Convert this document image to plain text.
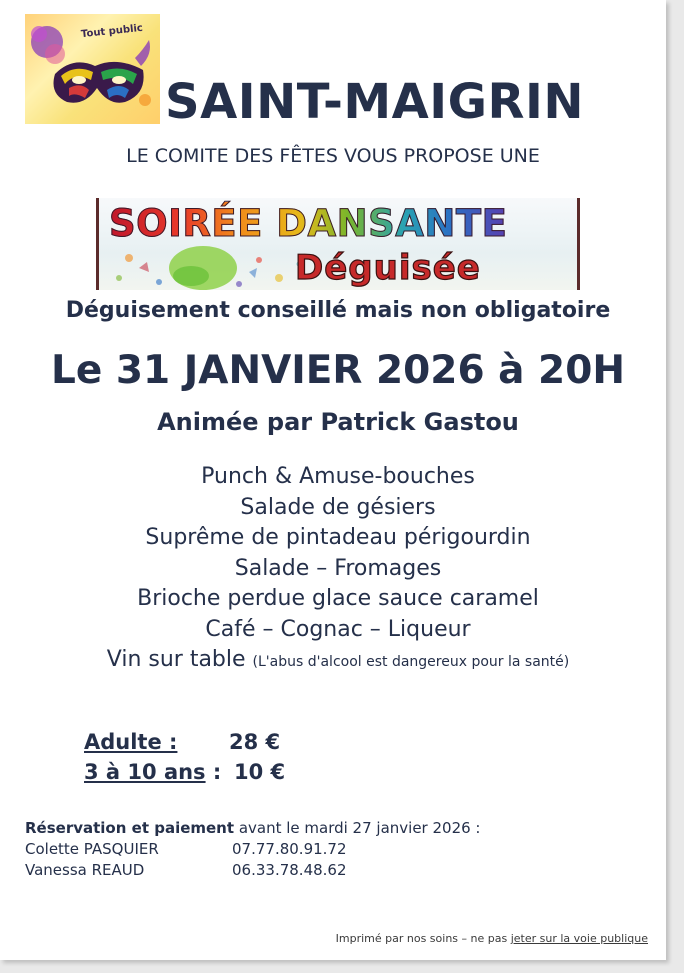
Tout public
SAINT-MAIGRIN
LE COMITE DES FÊTES VOUS PROPOSE UNE
SOIRÉE DANSANTE
Déguisée
Déguisement conseillé mais non obligatoire
Le 31 JANVIER 2026 à 20H
Animée par Patrick Gastou
Punch & Amuse-bouches
Salade de gésiers
Suprême de pintadeau périgourdin
Salade – Fromages
Brioche perdue glace sauce caramel
Café – Cognac – Liqueur
Vin sur table (L'abus d'alcool est dangereux pour la santé)
Adulte : 28 €
3 à 10 ans : 10 €
Réservation et paiement avant le mardi 27 janvier 2026 :
Colette PASQUIER	07.77.80.91.72
Vanessa REAUD	06.33.78.48.62
Imprimé par nos soins – ne pas jeter sur la voie publique
